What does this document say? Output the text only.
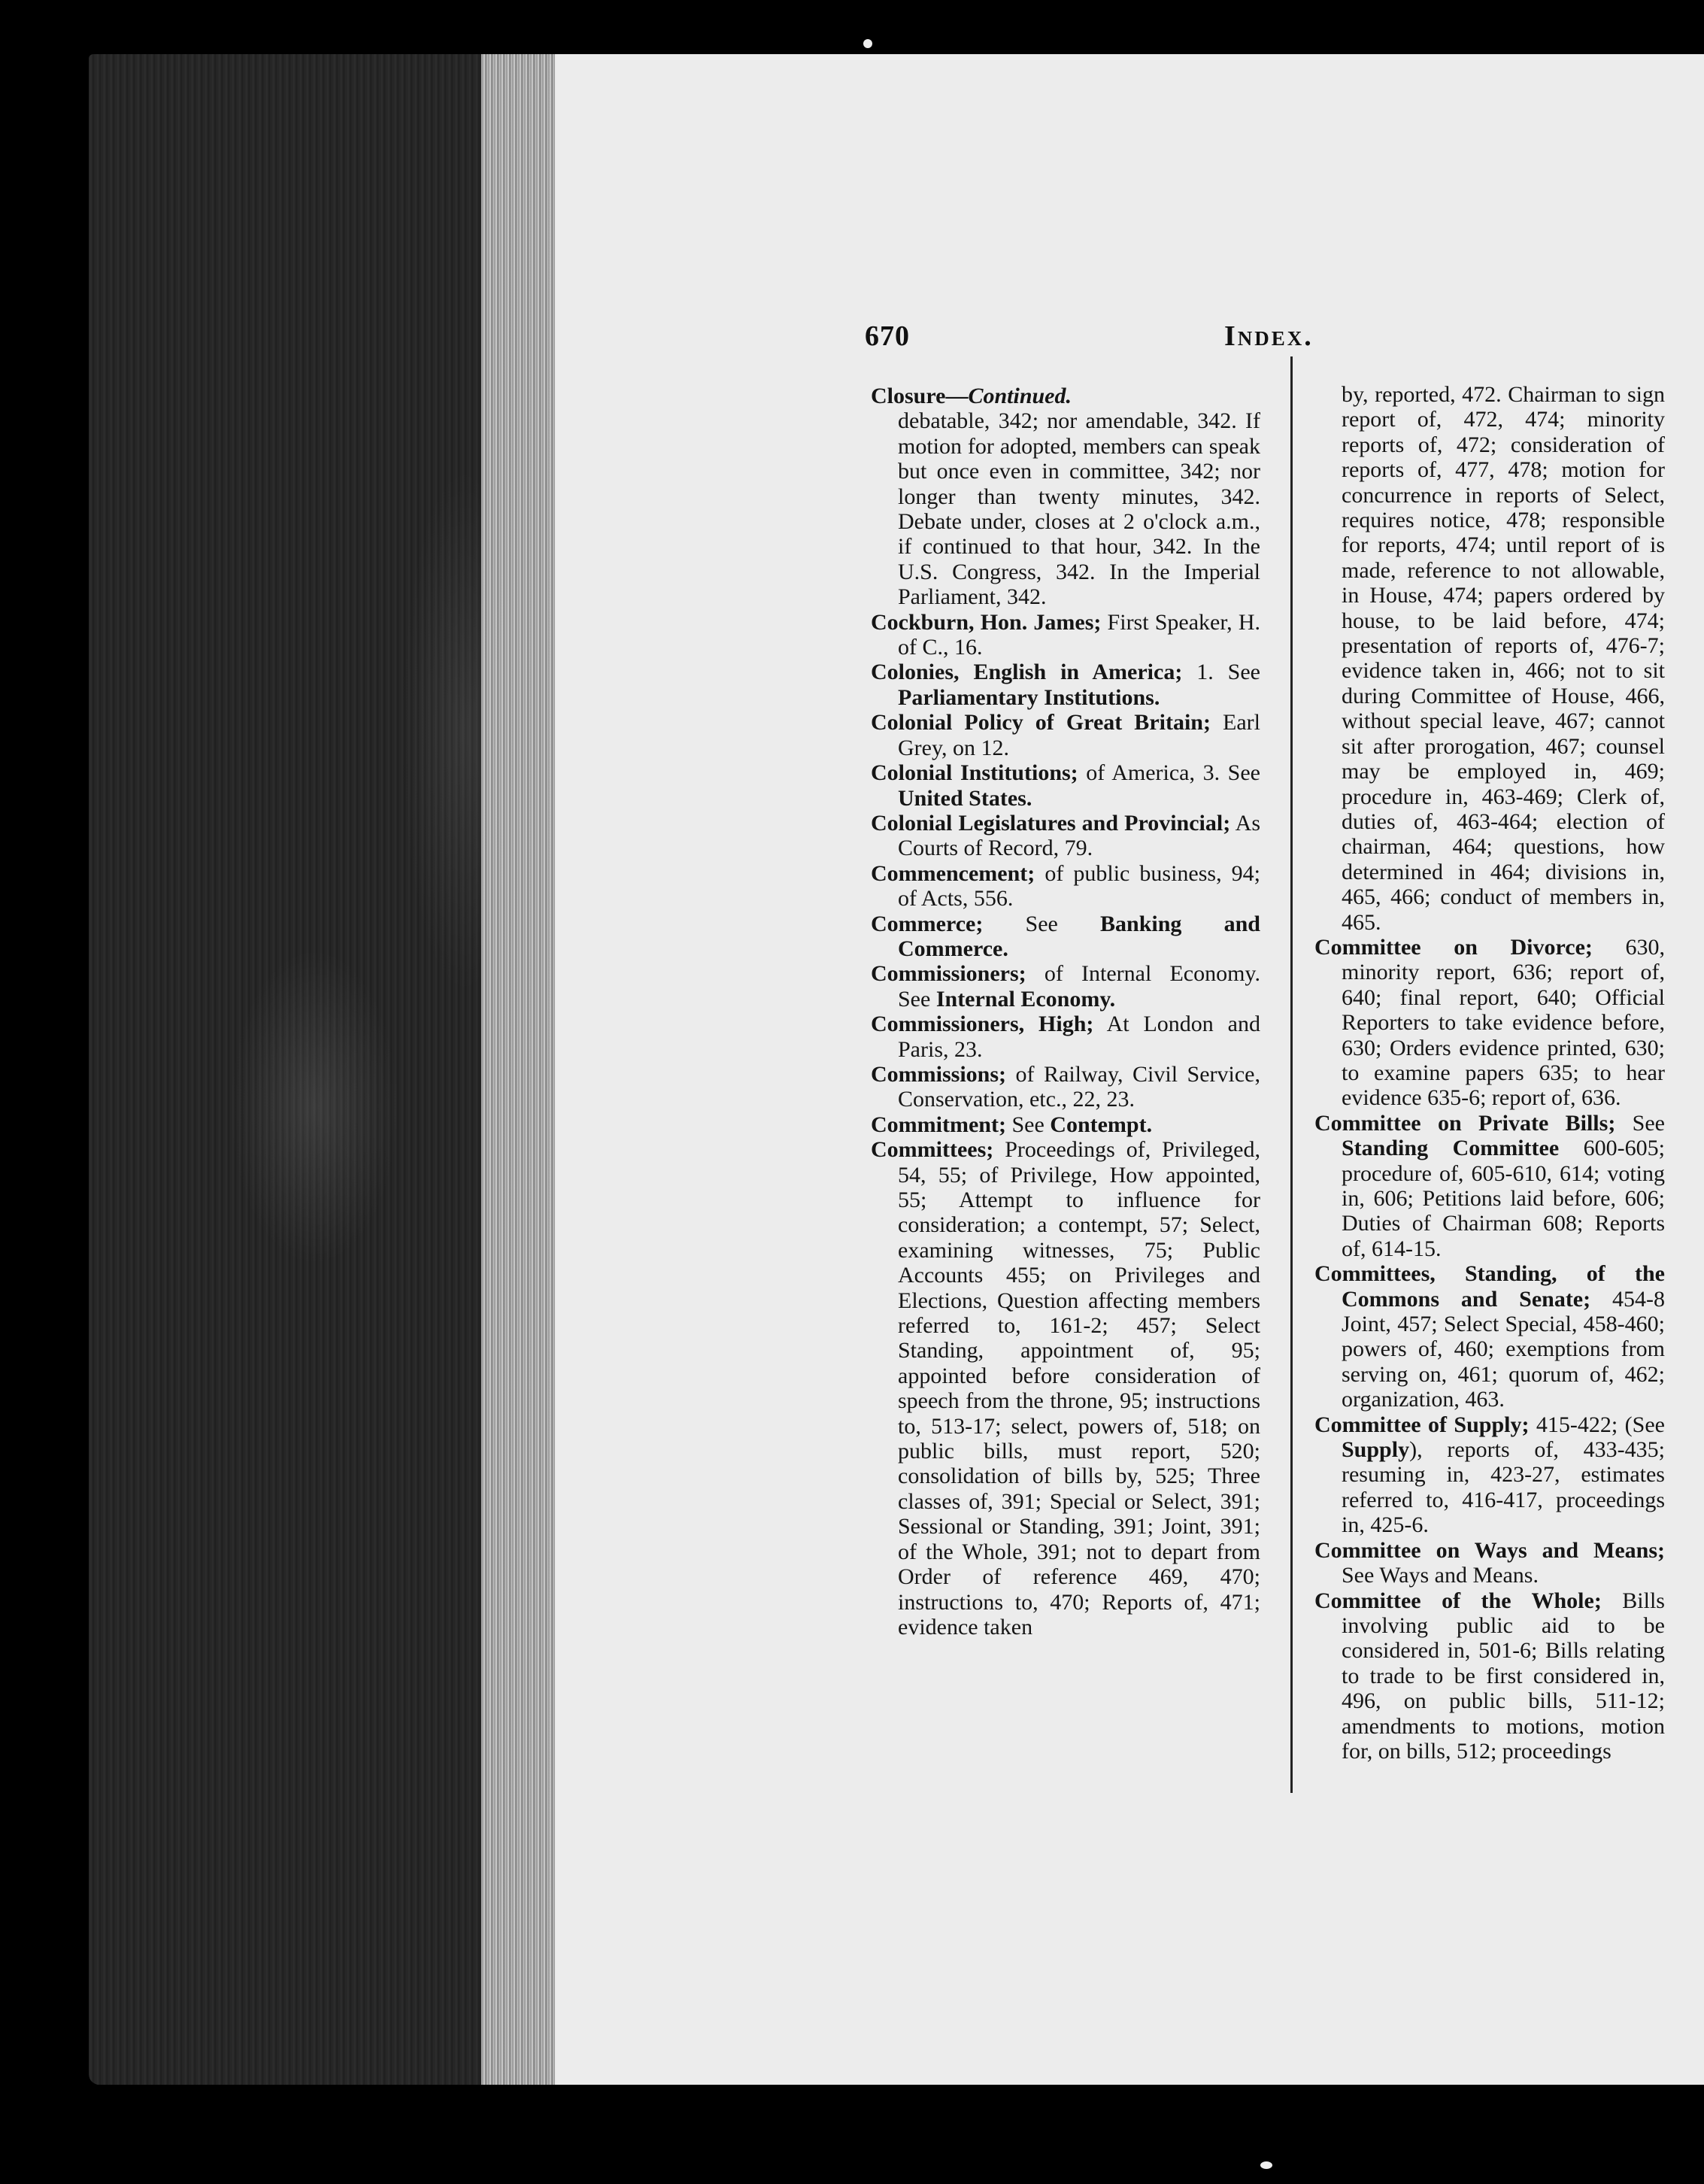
670	Index.

Closure—Continued.

debatable, 342; nor amendable, 342. If motion for adopted, members can speak but once even in committee, 342; nor longer than twenty minutes, 342. Debate under, closes at 2 o'clock a.m., if continued to that hour, 342. In the U.S. Congress, 342. In the Imperial Parliament, 342.

Cockburn, Hon. James; First Speaker, H. of C., 16.

Colonies, English in America; 1. See Parliamentary Institutions.

Colonial Policy of Great Britain; Earl Grey, on 12.

Colonial Institutions; of America, 3. See United States.

Colonial Legislatures and Provincial; As Courts of Record, 79.

Commencement; of public business, 94; of Acts, 556.

Commerce; See Banking and Commerce.

Commissioners; of Internal Economy. See Internal Economy.

Commissioners, High; At London and Paris, 23.

Commissions; of Railway, Civil Service, Conservation, etc., 22, 23.

Commitment; See Contempt.

Committees; Proceedings of, Privileged, 54, 55; of Privilege, How appointed, 55; Attempt to influence for consideration; a contempt, 57; Select, examining witnesses, 75; Public Accounts 455; on Privileges and Elections, Question affecting members referred to, 161-2; 457; Select Standing, appointment of, 95; appointed before consideration of speech from the throne, 95; instructions to, 513-17; select, powers of, 518; on public bills, must report, 520; consolidation of bills by, 525; Three classes of, 391; Special or Select, 391; Sessional or Standing, 391; Joint, 391; of the Whole, 391; not to depart from Order of reference 469, 470; instructions to, 470; Reports of, 471; evidence taken

by, reported, 472. Chairman to sign report of, 472, 474; minority reports of, 472; consideration of reports of, 477, 478; motion for concurrence in reports of Select, requires notice, 478; responsible for reports, 474; until report of is made, reference to not allowable, in House, 474; papers ordered by house, to be laid before, 474; presentation of reports of, 476-7; evidence taken in, 466; not to sit during Committee of House, 466, without special leave, 467; cannot sit after prorogation, 467; counsel may be employed in, 469; procedure in, 463-469; Clerk of, duties of, 463-464; election of chairman, 464; questions, how determined in 464; divisions in, 465, 466; conduct of members in, 465.

Committee on Divorce; 630, minority report, 636; report of, 640; final report, 640; Official Reporters to take evidence before, 630; Orders evidence printed, 630; to examine papers 635; to hear evidence 635-6; report of, 636.

Committee on Private Bills; See Standing Committee 600-605; procedure of, 605-610, 614; voting in, 606; Petitions laid before, 606; Duties of Chairman 608; Reports of, 614-15.

Committees, Standing, of the Commons and Senate; 454-8 Joint, 457; Select Special, 458-460; powers of, 460; exemptions from serving on, 461; quorum of, 462; organization, 463.

Committee of Supply; 415-422; (See Supply), reports of, 433-435; resuming in, 423-27, estimates referred to, 416-417, proceedings in, 425-6.

Committee on Ways and Means; See Ways and Means.

Committee of the Whole; Bills involving public aid to be considered in, 501-6; Bills relating to trade to be first considered in, 496, on public bills, 511-12; amendments to motions, motion for, on bills, 512; proceedings
